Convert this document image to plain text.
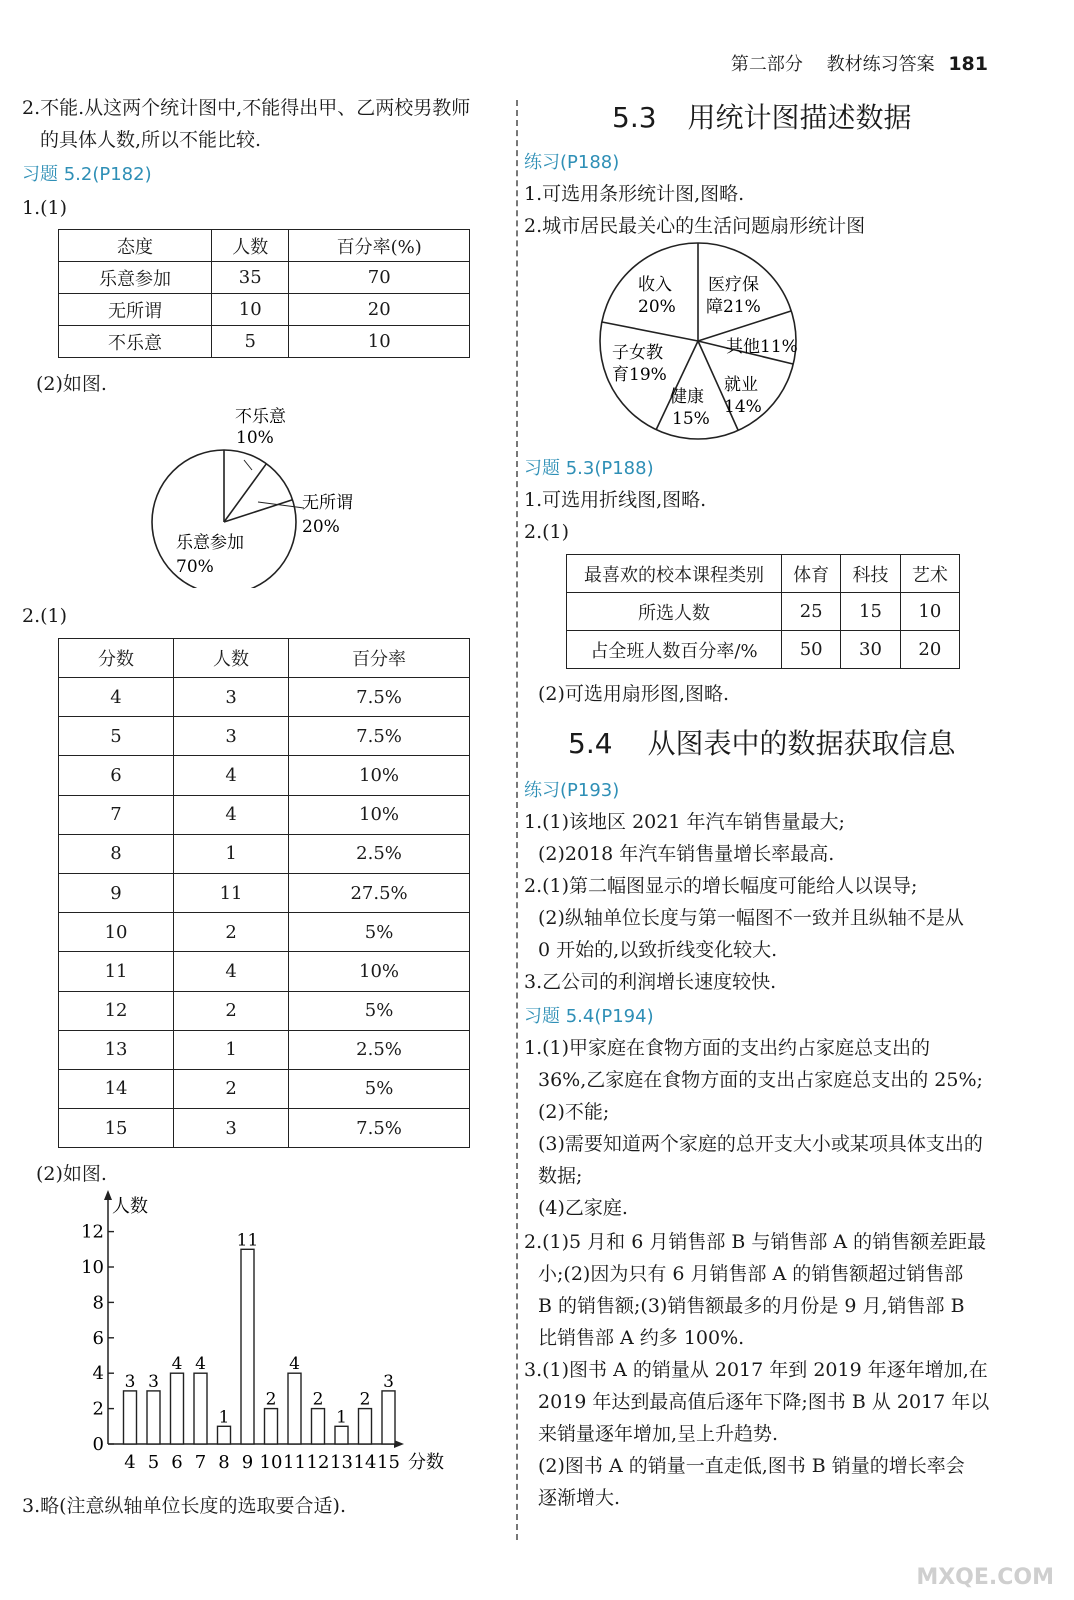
第二部分 教材练习答案 181
2.不能.从这两个统计图中,不能得出甲、乙两校男教师
的具体人数,所以不能比较.
习题 5.2(P182)
1.(1)
态度	人数	百分率(%)
乐意参加	35	70
无所谓	10	20
不乐意	5	10
(2)如图.
不乐意
10%
无所谓
20%
乐意参加
70%
2.(1)
分数	人数	百分率
4	3	7.5%
5	3	7.5%
6	4	10%
7	4	10%
8	1	2.5%
9	11	27.5%
10	2	5%
11	4	10%
12	2	5%
13	1	2.5%
14	2	5%
15	3	7.5%
(2)如图.
人数
分数
0
2
4
6
8
10
12
3
4
3
5
4
6
4
7
1
8
11
9
2
10
4
11
2
12
1
13
2
14
3
15
3.略(注意纵轴单位长度的选取要合适).
5.3 用统计图描述数据
练习(P188)
1.可选用条形统计图,图略.
2.城市居民最关心的生活问题扇形统计图
收入
20%
医疗保
障21%
其他11%
就业
14%
健康
15%
子女教
育19%
习题 5.3(P188)
1.可选用折线图,图略.
2.(1)
最喜欢的校本课程类别	体育	科技	艺术
所选人数	25	15	10
占全班人数百分率/%	50	30	20
(2)可选用扇形图,图略.
5.4 从图表中的数据获取信息
练习(P193)
1.(1)该地区 2021 年汽车销售量最大;
(2)2018 年汽车销售量增长率最高.
2.(1)第二幅图显示的增长幅度可能给人以误导;
(2)纵轴单位长度与第一幅图不一致并且纵轴不是从
0 开始的,以致折线变化较大.
3.乙公司的利润增长速度较快.
习题 5.4(P194)
1.(1)甲家庭在食物方面的支出约占家庭总支出的
36%,乙家庭在食物方面的支出占家庭总支出的 25%;
(2)不能;
(3)需要知道两个家庭的总开支大小或某项具体支出的
数据;
(4)乙家庭.
2.(1)5 月和 6 月销售部 B 与销售部 A 的销售额差距最
小;(2)因为只有 6 月销售部 A 的销售额超过销售部
B 的销售额;(3)销售额最多的月份是 9 月,销售部 B
比销售部 A 约多 100%.
3.(1)图书 A 的销量从 2017 年到 2019 年逐年增加,在
2019 年达到最高值后逐年下降;图书 B 从 2017 年以
来销量逐年增加,呈上升趋势.
(2)图书 A 的销量一直走低,图书 B 销量的增长率会
逐渐增大.
MXQE.COM
